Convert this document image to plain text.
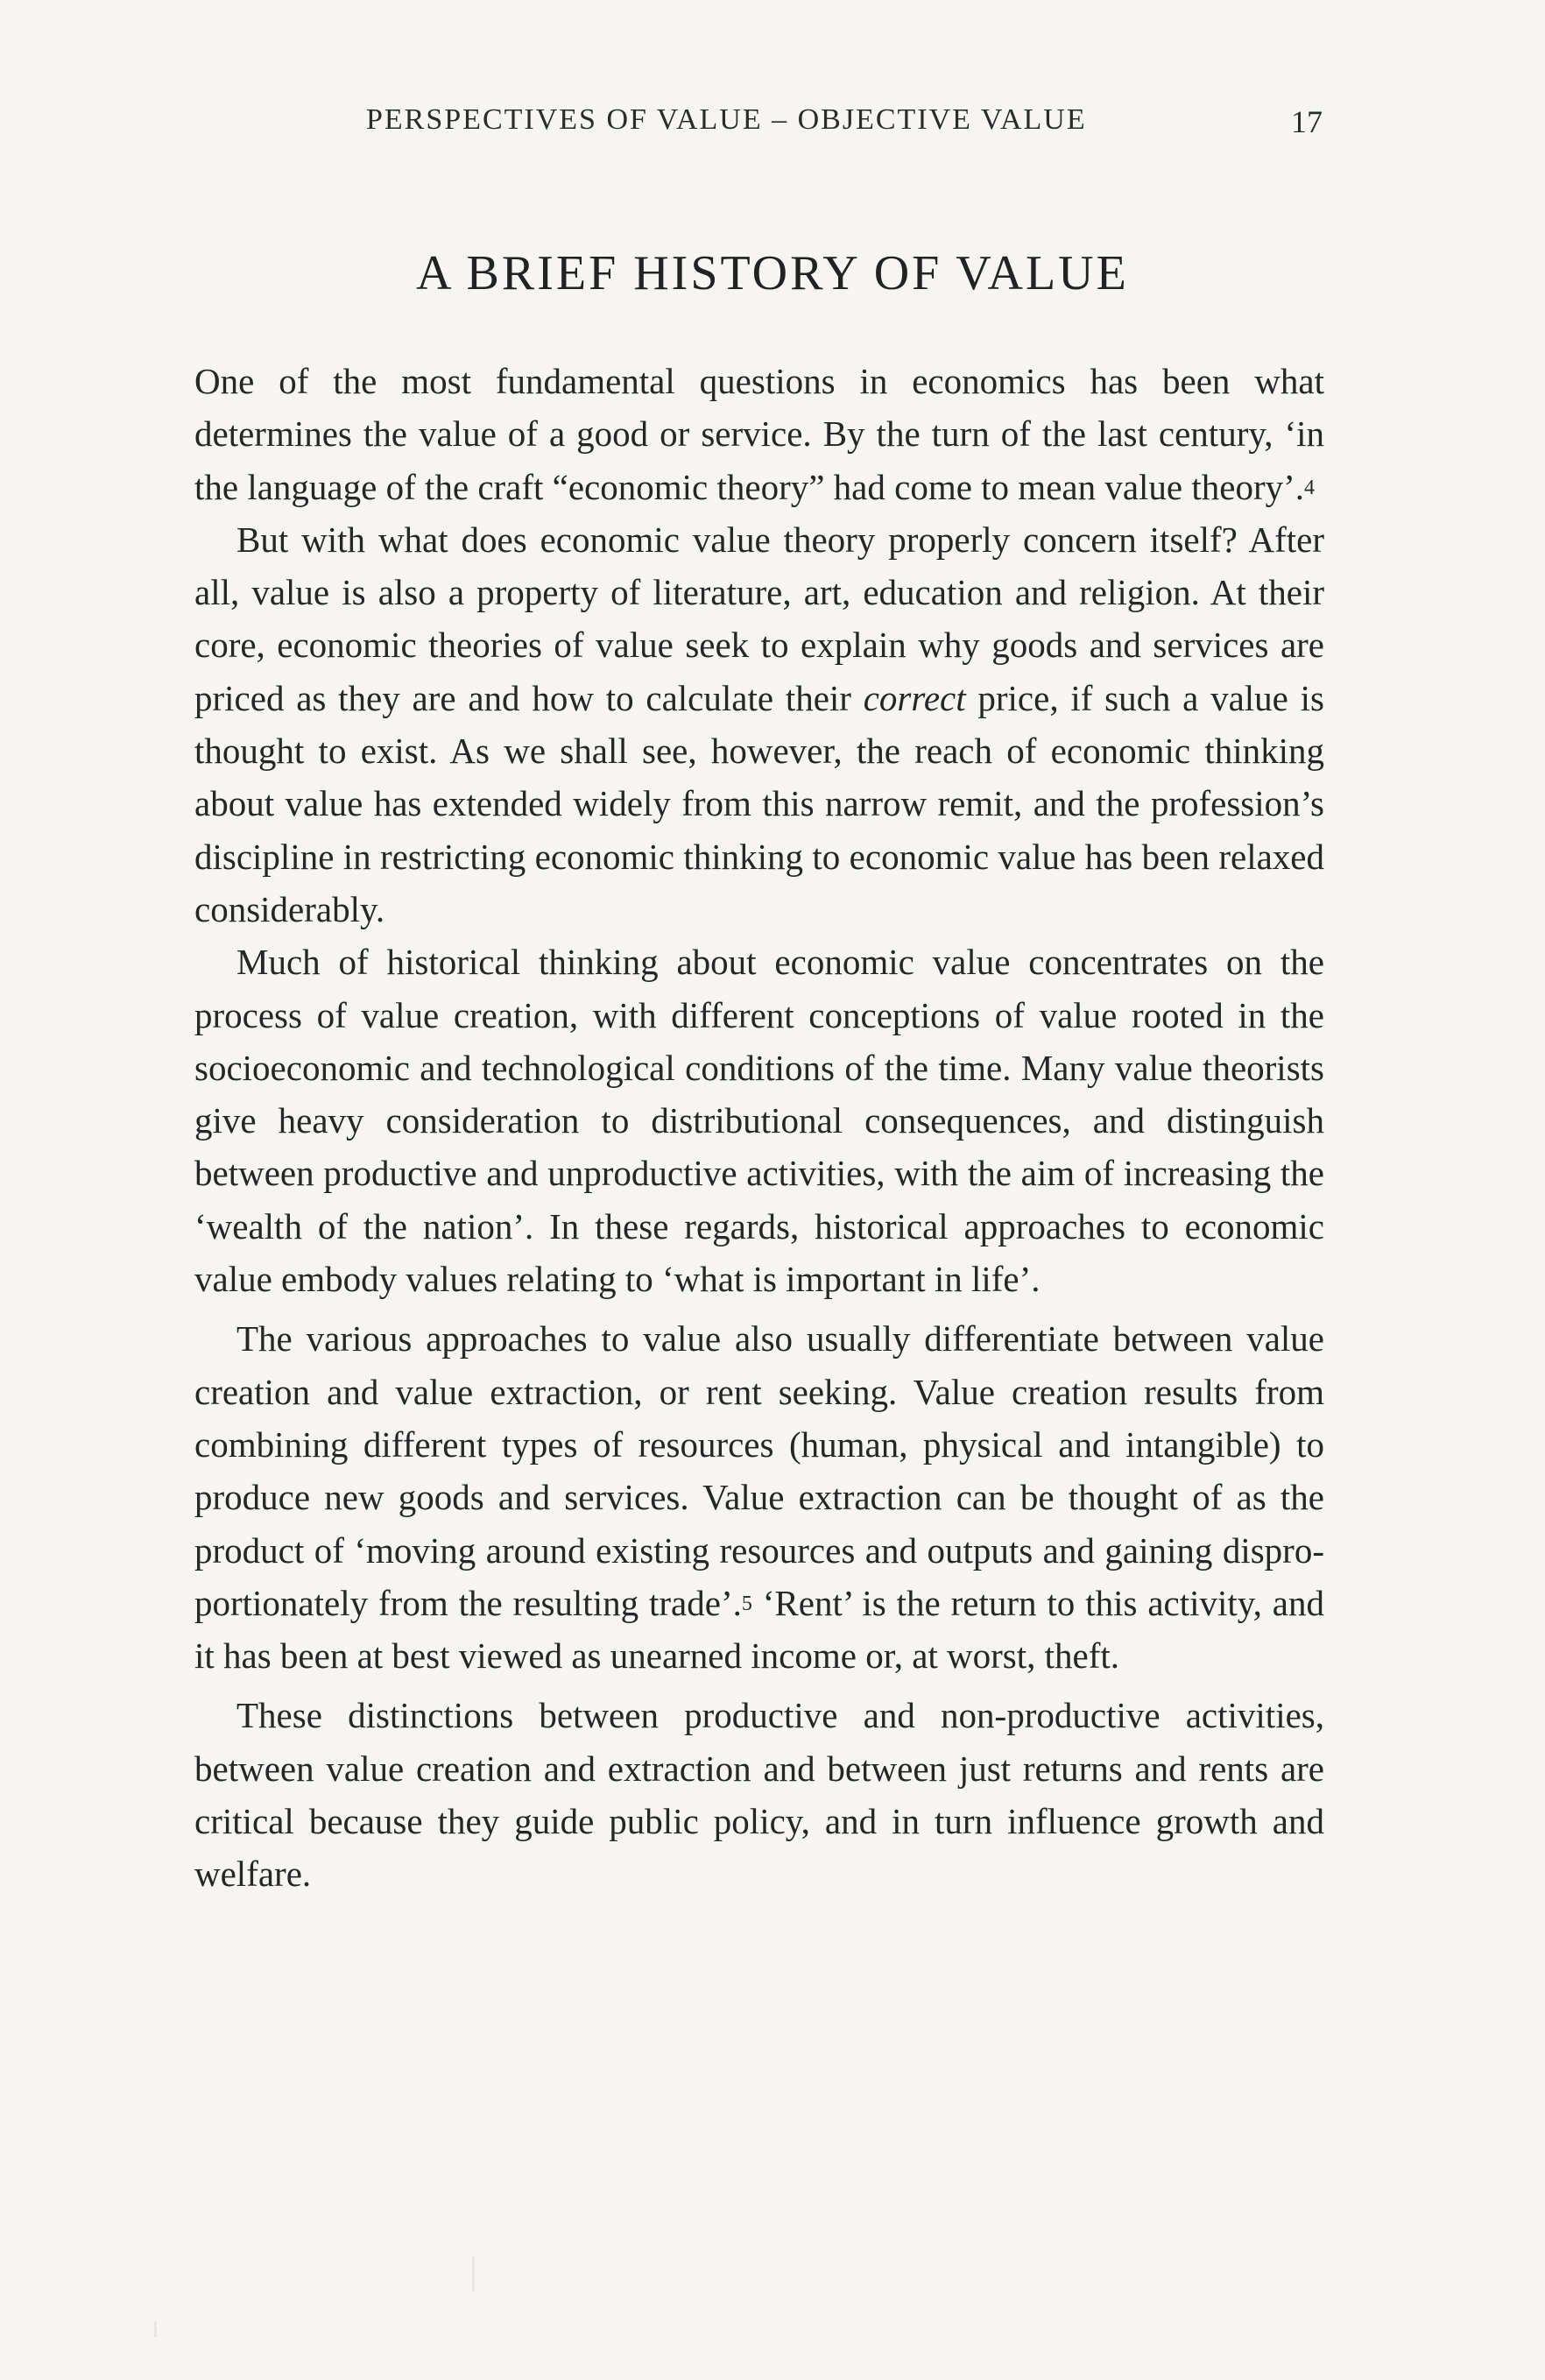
PERSPECTIVES OF VALUE – OBJECTIVE VALUE	17
A BRIEF HISTORY OF VALUE

One of the most fundamental questions in economics has been what determines the value of a good or service. By the turn of the last century, ‘in the language of the craft “economic theory” had come to mean value theory’.$^4$

But with what does economic value theory properly concern itself? After all, value is also a property of literature, art, education and religion. At their core, economic theories of value seek to explain why goods and services are priced as they are and how to calculate their correct price, if such a value is thought to exist. As we shall see, however, the reach of economic thinking about value has extended widely from this narrow remit, and the profession’s discipline in restricting economic thinking to economic value has been relaxed considerably.

Much of historical thinking about economic value concentrates on the process of value creation, with different conceptions of value rooted in the socioeconomic and technological conditions of the time. Many value theorists give heavy consideration to distributional consequences, and distinguish between productive and unproductive activities, with the aim of increasing the ‘wealth of the nation’. In these regards, historical approaches to economic value embody values relating to ‘what is important in life’.

The various approaches to value also usually differentiate between value creation and value extraction, or rent seeking. Value creation results from combining different types of resources (human, physical and intangible) to produce new goods and services. Value extraction can be thought of as the product of ‘moving around existing resources and outputs and gaining disproportionately from the resulting trade’.$^5$ ‘Rent’ is the return to this activity, and it has been at best viewed as unearned income or, at worst, theft.

These distinctions between productive and non-productive activities, between value creation and extraction and between just returns and rents are critical because they guide public policy, and in turn influence growth and welfare.
